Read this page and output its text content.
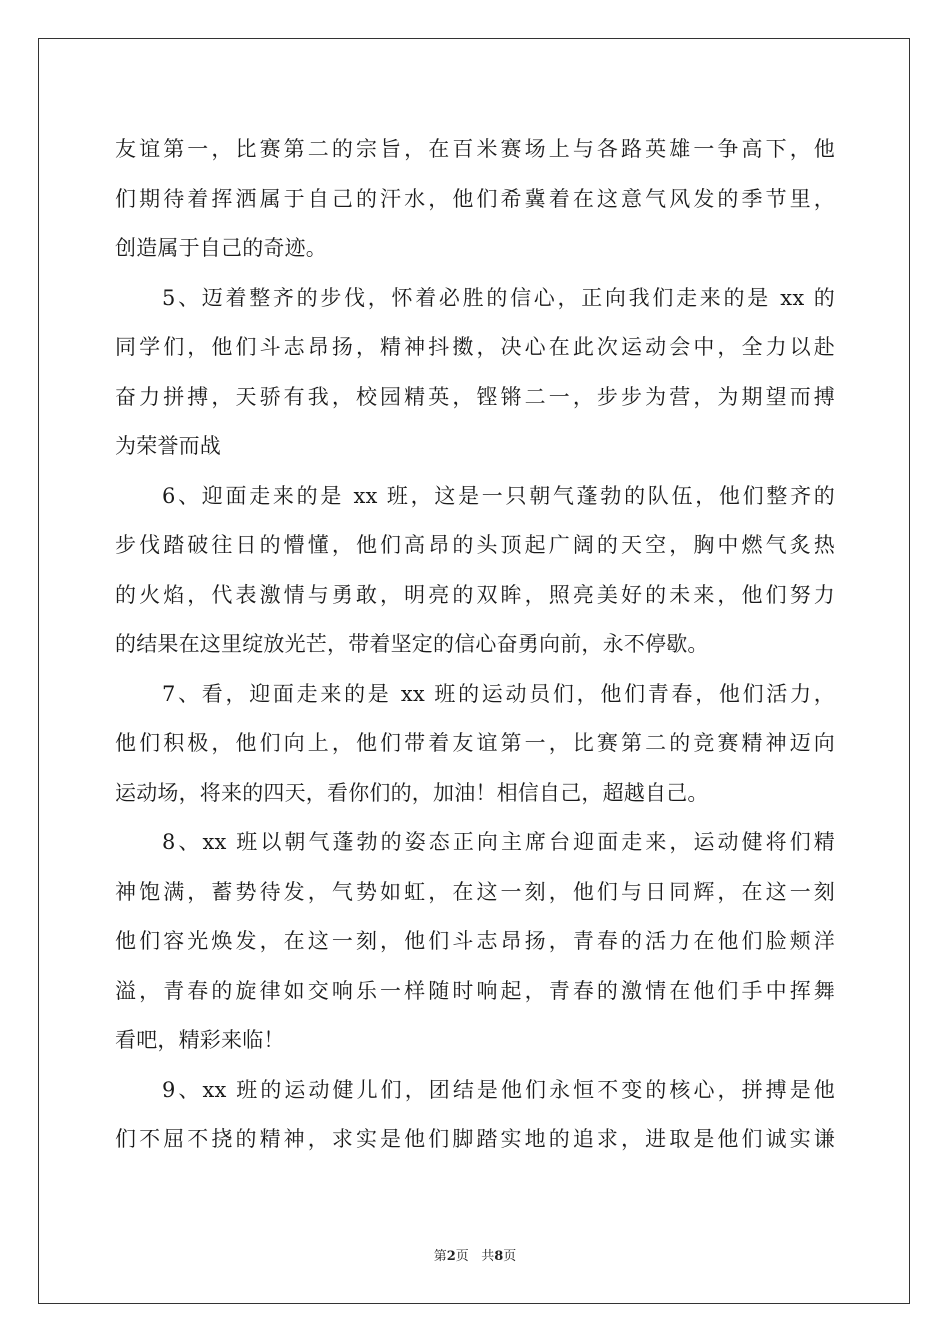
友谊第一，比赛第二的宗旨，在百米赛场上与各路英雄一争高下，他
们期待着挥洒属于自己的汗水，他们希冀着在这意气风发的季节里，
创造属于自己的奇迹。
5、迈着整齐的步伐，怀着必胜的信心，正向我们走来的是 xx 的
同学们，他们斗志昂扬，精神抖擞，决心在此次运动会中，全力以赴
奋力拼搏，天骄有我，校园精英，铿锵二一，步步为营，为期望而搏
为荣誉而战
6、迎面走来的是 xx 班，这是一只朝气蓬勃的队伍，他们整齐的
步伐踏破往日的懵懂，他们高昂的头顶起广阔的天空，胸中燃气炙热
的火焰，代表激情与勇敢，明亮的双眸，照亮美好的未来，他们努力
的结果在这里绽放光芒，带着坚定的信心奋勇向前，永不停歇。
7、看，迎面走来的是 xx 班的运动员们，他们青春，他们活力，
他们积极，他们向上，他们带着友谊第一，比赛第二的竞赛精神迈向
运动场，将来的四天，看你们的，加油！相信自己，超越自己。
8、xx 班以朝气蓬勃的姿态正向主席台迎面走来，运动健将们精
神饱满，蓄势待发，气势如虹，在这一刻，他们与日同辉，在这一刻
他们容光焕发，在这一刻，他们斗志昂扬，青春的活力在他们脸颊洋
溢，青春的旋律如交响乐一样随时响起，青春的激情在他们手中挥舞
看吧，精彩来临！
9、xx 班的运动健儿们，团结是他们永恒不变的核心，拼搏是他
们不屈不挠的精神，求实是他们脚踏实地的追求，进取是他们诚实谦
第2页 共8页
